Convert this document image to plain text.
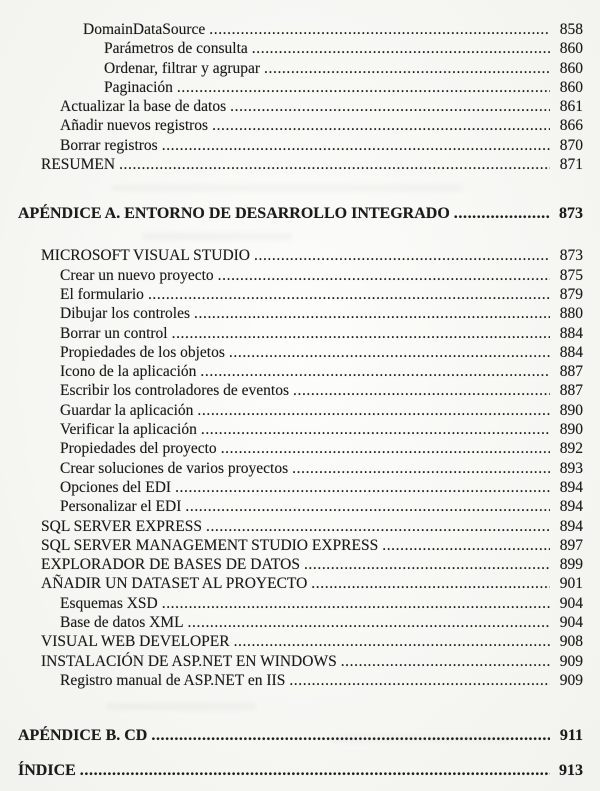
DomainDataSource .....	858
Parámetros de consulta .....	860
Ordenar, filtrar y agrupar .....	860
Paginación .....	860
Actualizar la base de datos .....	861
Añadir nuevos registros .....	866
Borrar registros .....	870
RESUMEN .....	871
APÉNDICE A. ENTORNO DE DESARROLLO INTEGRADO .....	873
MICROSOFT VISUAL STUDIO .....	873
Crear un nuevo proyecto .....	875
El formulario .....	879
Dibujar los controles .....	880
Borrar un control .....	884
Propiedades de los objetos .....	884
Icono de la aplicación .....	887
Escribir los controladores de eventos .....	887
Guardar la aplicación .....	890
Verificar la aplicación .....	890
Propiedades del proyecto .....	892
Crear soluciones de varios proyectos .....	893
Opciones del EDI .....	894
Personalizar el EDI .....	894
SQL SERVER EXPRESS .....	894
SQL SERVER MANAGEMENT STUDIO EXPRESS .....	897
EXPLORADOR DE BASES DE DATOS .....	899
AÑADIR UN DATASET AL PROYECTO .....	901
Esquemas XSD .....	904
Base de datos XML .....	904
VISUAL WEB DEVELOPER .....	908
INSTALACIÓN DE ASP.NET EN WINDOWS .....	909
Registro manual de ASP.NET en IIS .....	909
APÉNDICE B. CD .....	911
ÍNDICE .....	913
